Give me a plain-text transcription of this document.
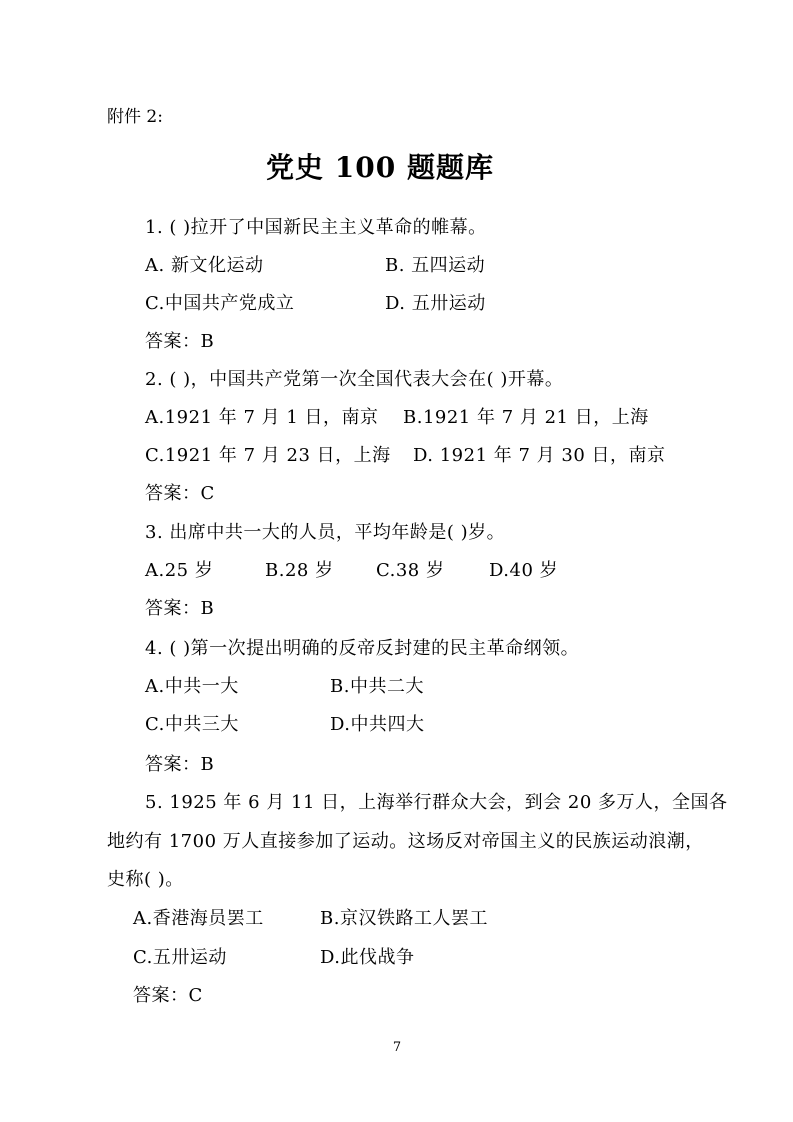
附件 2:
党史 100 题题库
1. ( )拉开了中国新民主主义革命的帷幕。
A. 新文化运动	B. 五四运动
C.中国共产党成立	D. 五卅运动
答案：B
2. ( )，中国共产党第一次全国代表大会在( )开幕。
A.1921 年 7 月 1 日，南京 B.1921 年 7 月 21 日，上海
C.1921 年 7 月 23 日，上海 D. 1921 年 7 月 30 日，南京
答案：C
3. 出席中共一大的人员，平均年龄是( )岁。
A.25 岁	B.28 岁 C.38 岁 D.40 岁
答案：B
4. ( )第一次提出明确的反帝反封建的民主革命纲领。
A.中共一大	B.中共二大
C.中共三大	D.中共四大
答案：B
5. 1925 年 6 月 11 日，上海举行群众大会，到会 20 多万人，全国各
地约有 1700 万人直接参加了运动。这场反对帝国主义的民族运动浪潮，
史称( )。
A.香港海员罢工	B.京汉铁路工人罢工
C.五卅运动	D.此伐战争
答案：C
7
